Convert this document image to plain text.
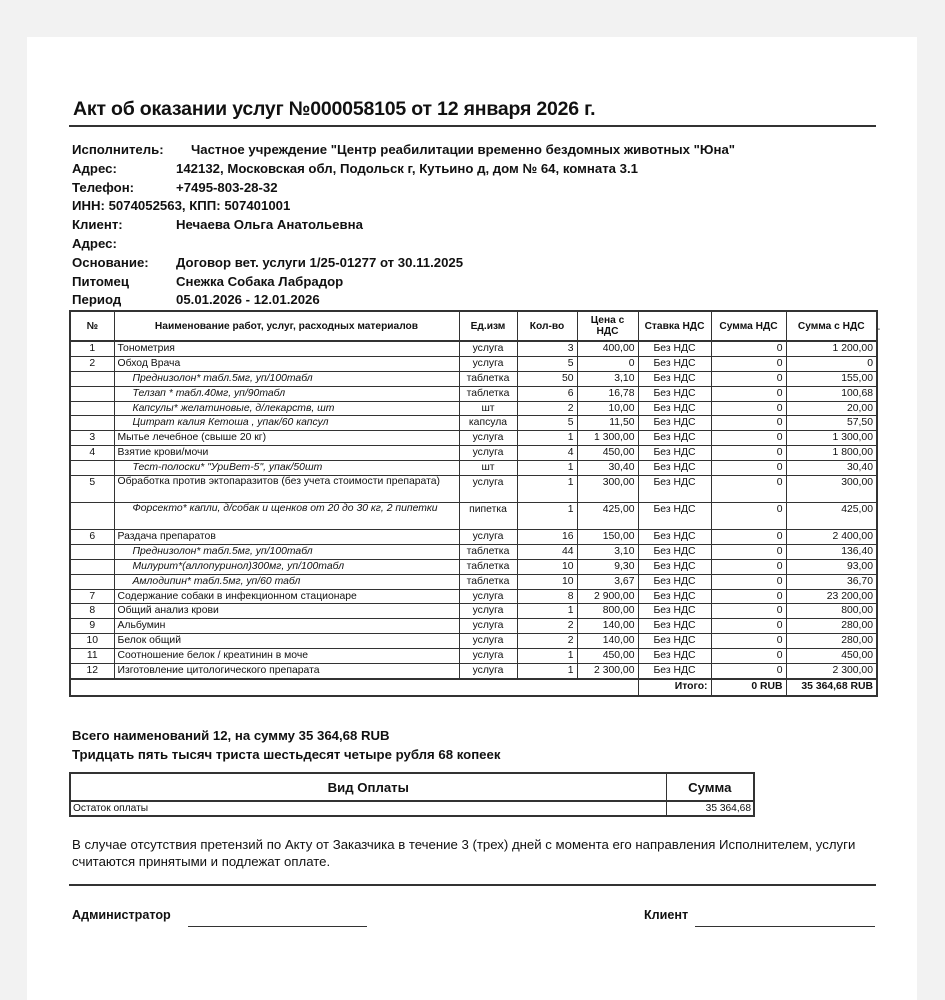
Акт об оказании услуг №000058105 от 12 января 2026 г.
Исполнитель: Частное учреждение "Центр реабилитации временно бездомных животных "Юна"
Адрес:	142132, Московская обл, Подольск г, Кутьино д, дом № 64, комната 3.1
Телефон:	+7495-803-28-32
ИНН: 5074052563, КПП: 507401001
Клиент:	Нечаева Ольга Анатольевна
Адрес:
Основание: Договор вет. услуги 1/25-01277 от 30.11.2025
Питомец	Снежка Собака Лабрадор
Период	05.01.2026 - 12.01.2026
№	Наименование работ, услуг, расходных материалов	Ед.изм	Кол-во	Цена с НДС	Ставка НДС	Сумма НДС	Сумма с НДС
1	Тонометрия	услуга	3	400,00	Без НДС	0	1 200,00
2	Обход Врача	услуга	5	0	Без НДС	0	0
	Преднизолон* табл.5мг, уп/100табл	таблетка	50	3,10	Без НДС	0	155,00
	Телзап * табл.40мг, уп/90табл	таблетка	6	16,78	Без НДС	0	100,68
	Капсулы* желатиновые, д/лекарств, шт	шт	2	10,00	Без НДС	0	20,00
	Цитрат калия Кетоша , упак/60 капсул	капсула	5	11,50	Без НДС	0	57,50
3	Мытье лечебное (свыше 20 кг)	услуга	1	1 300,00	Без НДС	0	1 300,00
4	Взятие крови/мочи	услуга	4	450,00	Без НДС	0	1 800,00
	Тест-полоски* "УриВет-5", упак/50шт	шт	1	30,40	Без НДС	0	30,40
5	Обработка против эктопаразитов (без учета стоимости препарата)	услуга	1	300,00	Без НДС	0	300,00
	Форсекто* капли, д/собак и щенков от 20 до 30 кг, 2 пипетки	пипетка	1	425,00	Без НДС	0	425,00
6	Раздача препаратов	услуга	16	150,00	Без НДС	0	2 400,00
	Преднизолон* табл.5мг, уп/100табл	таблетка	44	3,10	Без НДС	0	136,40
	Милурит*(аллопуринол)300мг, уп/100табл	таблетка	10	9,30	Без НДС	0	93,00
	Амлодипин* табл.5мг, уп/60 табл	таблетка	10	3,67	Без НДС	0	36,70
7	Содержание собаки в инфекционном стационаре	услуга	8	2 900,00	Без НДС	0	23 200,00
8	Общий анализ крови	услуга	1	800,00	Без НДС	0	800,00
9	Альбумин	услуга	2	140,00	Без НДС	0	280,00
10	Белок общий	услуга	2	140,00	Без НДС	0	280,00
11	Соотношение белок / креатинин в моче	услуга	1	450,00	Без НДС	0	450,00
12	Изготовление цитологического препарата	услуга	1	2 300,00	Без НДС	0	2 300,00
					Итого:	0 RUB	35 364,68 RUB
-
Всего наименований 12, на сумму 35 364,68 RUB
Тридцать пять тысяч триста шестьдесят четыре рубля 68 копеек
Вид Оплаты	Сумма
Остаток оплаты	35 364,68
В случае отсутствия претензий по Акту от Заказчика в течение 3 (трех) дней с момента его направления Исполнителем, услуги считаются принятыми и подлежат оплате.
Администратор	Клиент
